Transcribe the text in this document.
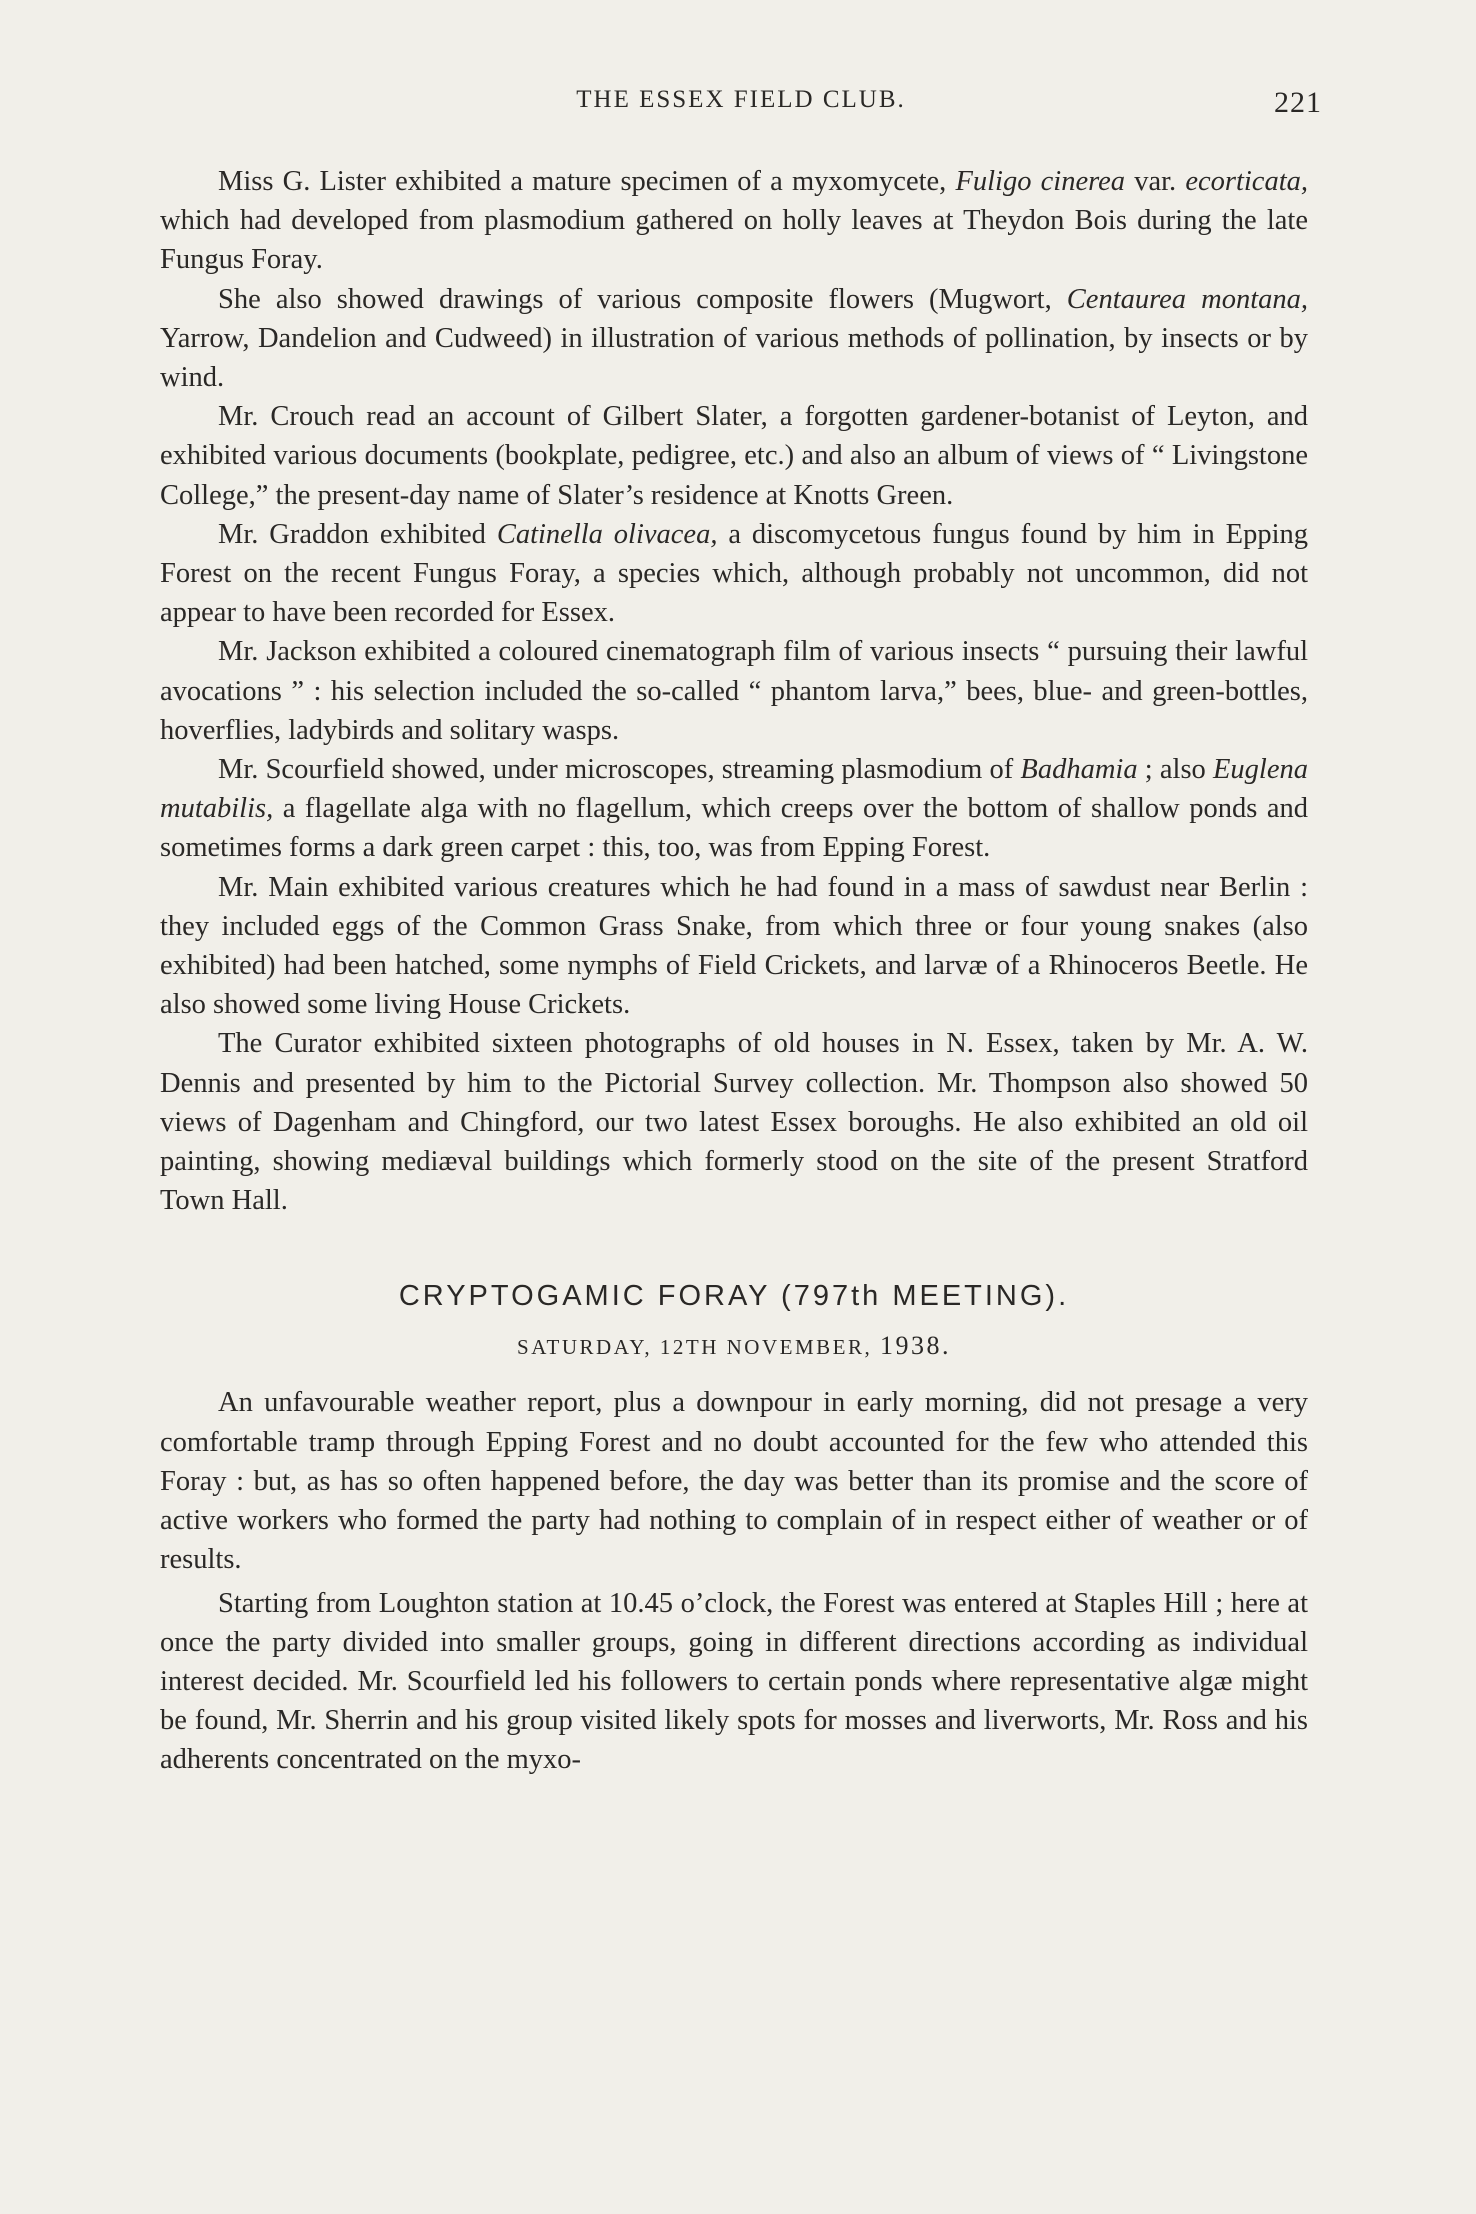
THE ESSEX FIELD CLUB.	221

Miss G. Lister exhibited a mature specimen of a myxomycete, Fuligo cinerea var. ecorticata, which had developed from plasmodium gathered on holly leaves at Theydon Bois during the late Fungus Foray.

She also showed drawings of various composite flowers (Mugwort, Centaurea montana, Yarrow, Dandelion and Cudweed) in illustration of various methods of pollination, by insects or by wind.

Mr. Crouch read an account of Gilbert Slater, a forgotten gardener-botanist of Leyton, and exhibited various documents (bookplate, pedigree, etc.) and also an album of views of “ Livingstone College,” the present-day name of Slater’s residence at Knotts Green.

Mr. Graddon exhibited Catinella olivacea, a discomycetous fungus found by him in Epping Forest on the recent Fungus Foray, a species which, although probably not uncommon, did not appear to have been recorded for Essex.

Mr. Jackson exhibited a coloured cinematograph film of various insects “ pursuing their lawful avocations ” : his selection included the so-called “ phantom larva,” bees, blue- and green-bottles, hoverflies, ladybirds and solitary wasps.

Mr. Scourfield showed, under microscopes, streaming plasmodium of Badhamia ; also Euglena mutabilis, a flagellate alga with no flagellum, which creeps over the bottom of shallow ponds and sometimes forms a dark green carpet : this, too, was from Epping Forest.

Mr. Main exhibited various creatures which he had found in a mass of sawdust near Berlin : they included eggs of the Common Grass Snake, from which three or four young snakes (also exhibited) had been hatched, some nymphs of Field Crickets, and larvæ of a Rhinoceros Beetle. He also showed some living House Crickets.

The Curator exhibited sixteen photographs of old houses in N. Essex, taken by Mr. A. W. Dennis and presented by him to the Pictorial Survey collection. Mr. Thompson also showed 50 views of Dagenham and Chingford, our two latest Essex boroughs. He also exhibited an old oil painting, showing mediæval buildings which formerly stood on the site of the present Stratford Town Hall.

CRYPTOGAMIC FORAY (797th MEETING).
SATURDAY, 12TH NOVEMBER, 1938.

An unfavourable weather report, plus a downpour in early morning, did not presage a very comfortable tramp through Epping Forest and no doubt accounted for the few who attended this Foray : but, as has so often happened before, the day was better than its promise and the score of active workers who formed the party had nothing to complain of in respect either of weather or of results.

Starting from Loughton station at 10.45 o’clock, the Forest was entered at Staples Hill ; here at once the party divided into smaller groups, going in different directions according as individual interest decided. Mr. Scourfield led his followers to certain ponds where representative algæ might be found, Mr. Sherrin and his group visited likely spots for mosses and liverworts, Mr. Ross and his adherents concentrated on the myxo-
